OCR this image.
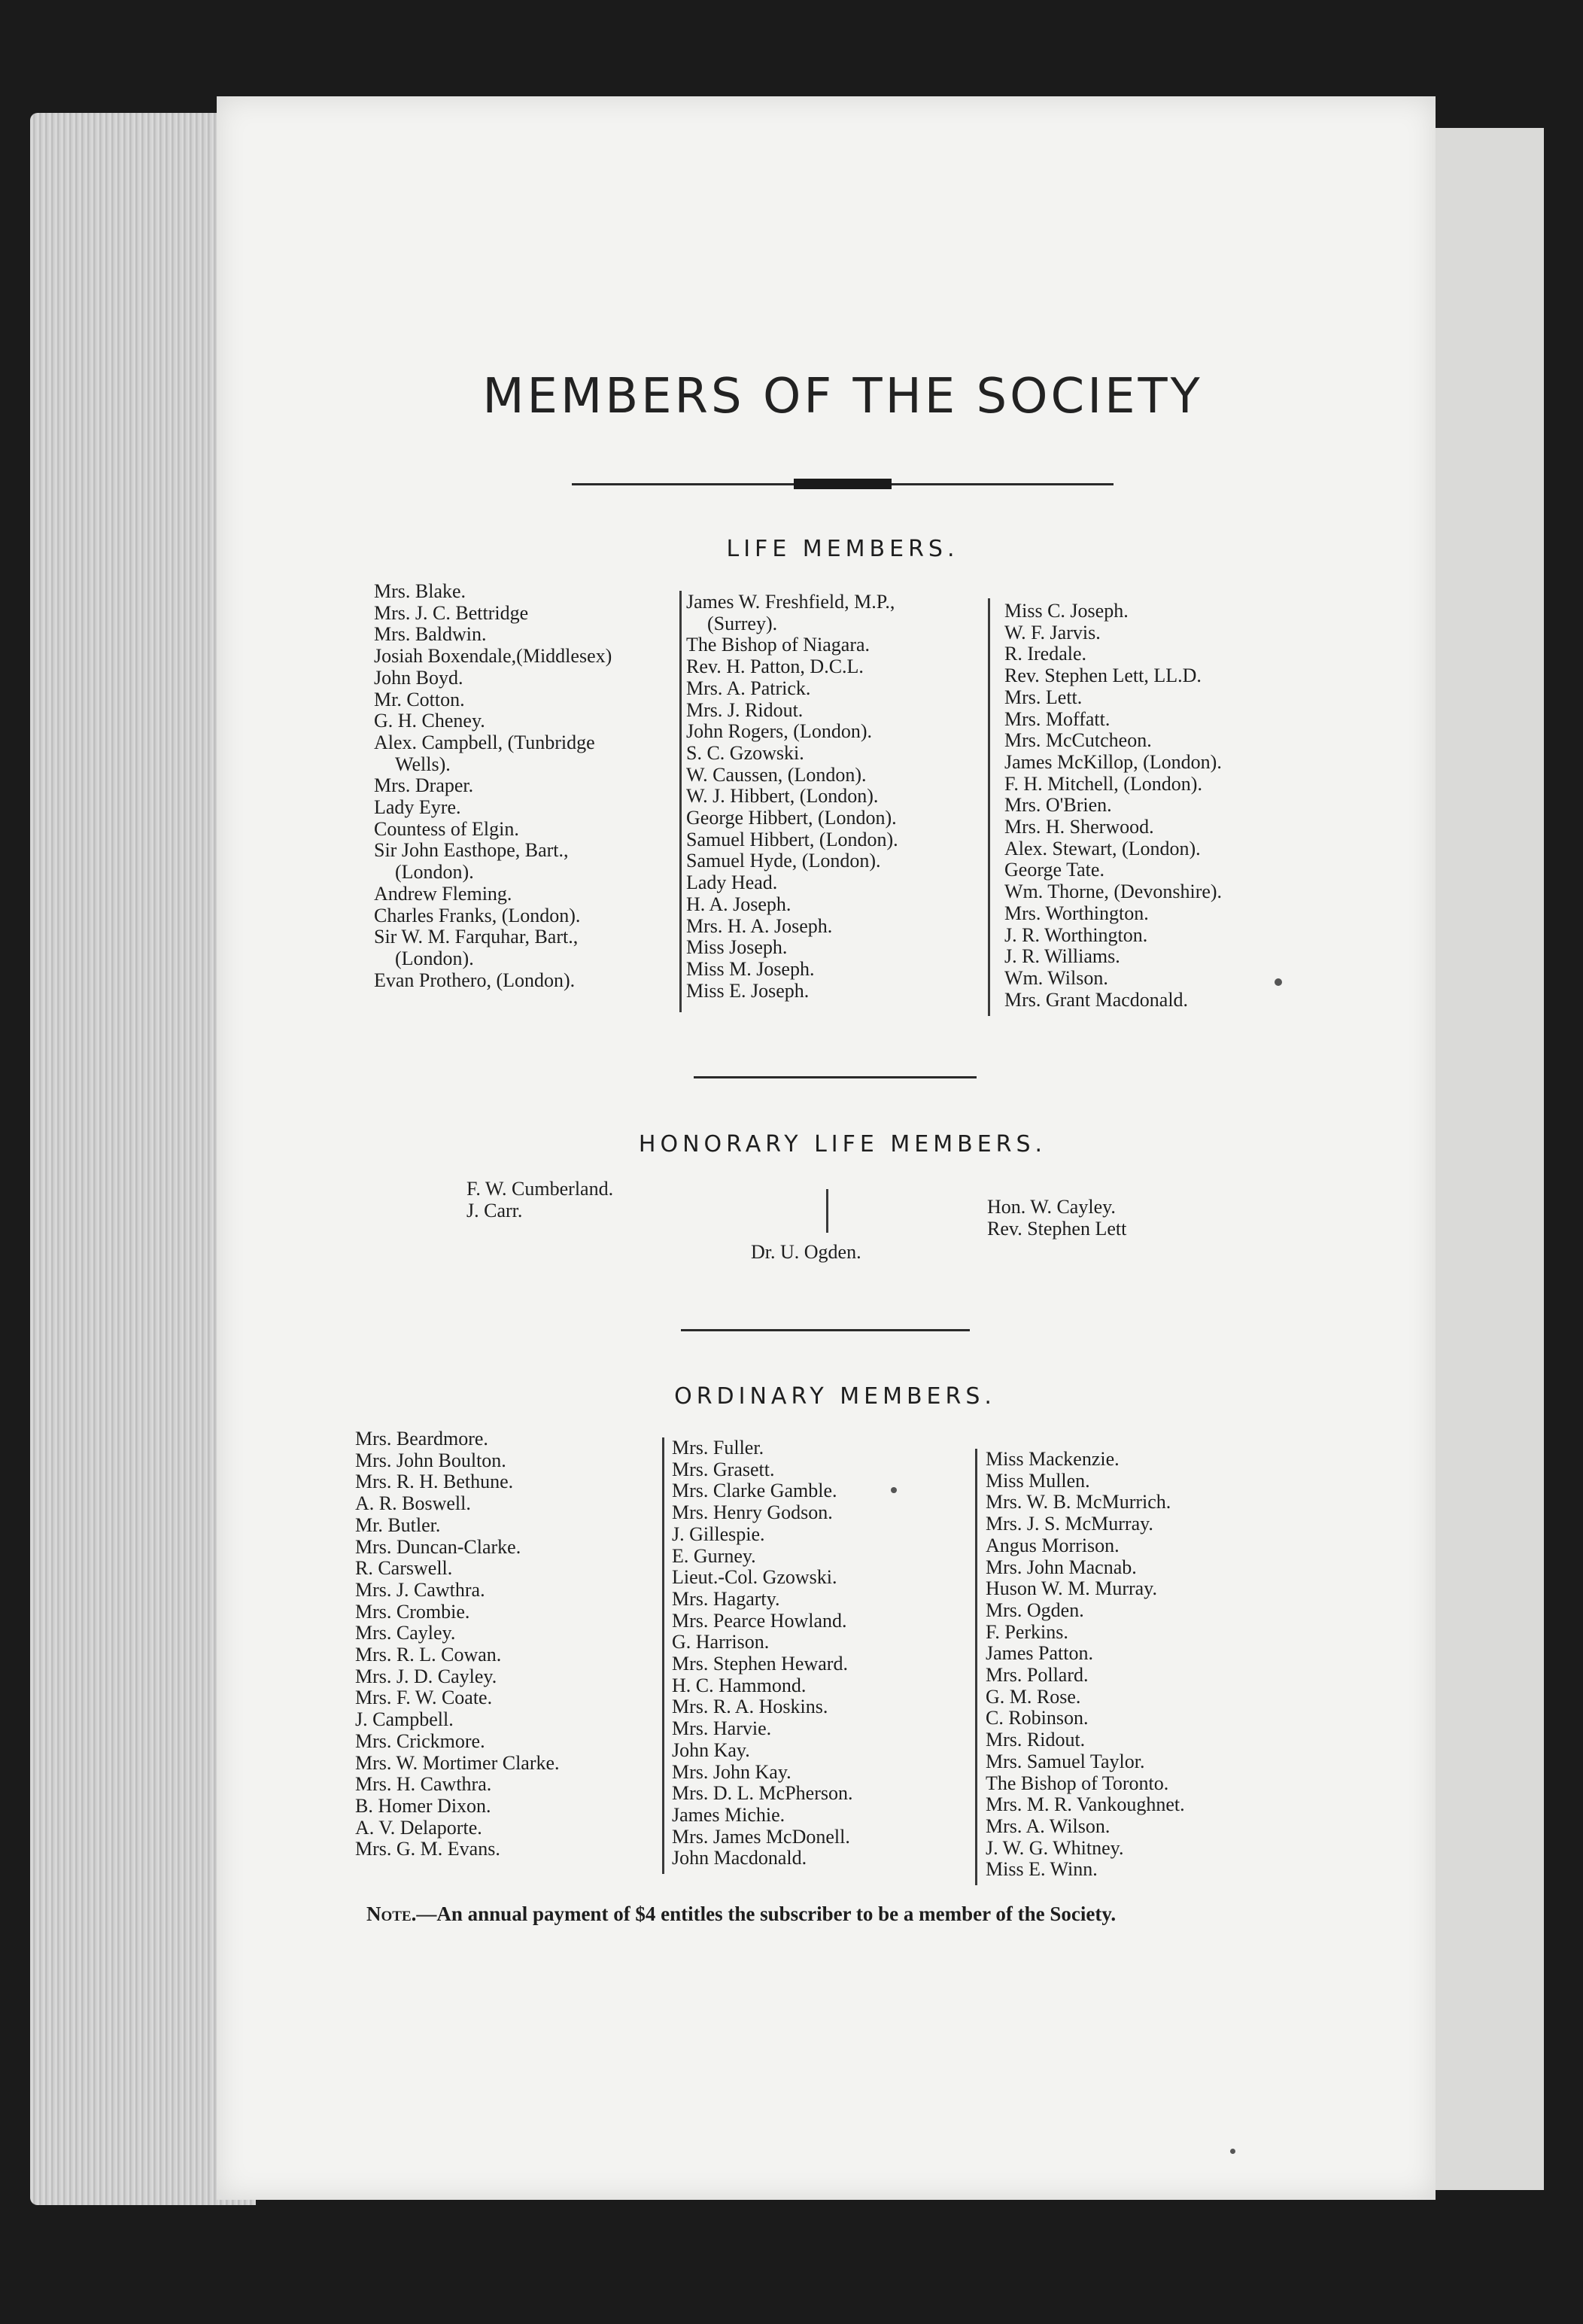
MEMBERS OF THE SOCIETY
LIFE MEMBERS.
Mrs. Blake.
Mrs. J. C. Bettridge
Mrs. Baldwin.
Josiah Boxendale,(Middlesex)
John Boyd.
Mr. Cotton.
G. H. Cheney.
Alex. Campbell, (Tunbridge
Wells).
Mrs. Draper.
Lady Eyre.
Countess of Elgin.
Sir John Easthope, Bart.,
(London).
Andrew Fleming.
Charles Franks, (London).
Sir W. M. Farquhar, Bart.,
(London).
Evan Prothero, (London).
James W. Freshfield, M.P.,
(Surrey).
The Bishop of Niagara.
Rev. H. Patton, D.C.L.
Mrs. A. Patrick.
Mrs. J. Ridout.
John Rogers, (London).
S. C. Gzowski.
W. Caussen, (London).
W. J. Hibbert, (London).
George Hibbert, (London).
Samuel Hibbert, (London).
Samuel Hyde, (London).
Lady Head.
H. A. Joseph.
Mrs. H. A. Joseph.
Miss Joseph.
Miss M. Joseph.
Miss E. Joseph.
Miss C. Joseph.
W. F. Jarvis.
R. Iredale.
Rev. Stephen Lett, LL.D.
Mrs. Lett.
Mrs. Moffatt.
Mrs. McCutcheon.
James McKillop, (London).
F. H. Mitchell, (London).
Mrs. O'Brien.
Mrs. H. Sherwood.
Alex. Stewart, (London).
George Tate.
Wm. Thorne, (Devonshire).
Mrs. Worthington.
J. R. Worthington.
J. R. Williams.
Wm. Wilson.
Mrs. Grant Macdonald.
HONORARY LIFE MEMBERS.
F. W. Cumberland.
J. Carr.	Hon. W. Cayley.
Rev. Stephen Lett
Dr. U. Ogden.
ORDINARY MEMBERS.
Mrs. Beardmore.
Mrs. John Boulton.
Mrs. R. H. Bethune.
A. R. Boswell.
Mr. Butler.
Mrs. Duncan-Clarke.
R. Carswell.
Mrs. J. Cawthra.
Mrs. Crombie.
Mrs. Cayley.
Mrs. R. L. Cowan.
Mrs. J. D. Cayley.
Mrs. F. W. Coate.
J. Campbell.
Mrs. Crickmore.
Mrs. W. Mortimer Clarke.
Mrs. H. Cawthra.
B. Homer Dixon.
A. V. Delaporte.
Mrs. G. M. Evans.
Mrs. Fuller.
Mrs. Grasett.
Mrs. Clarke Gamble.
Mrs. Henry Godson.
J. Gillespie.
E. Gurney.
Lieut.-Col. Gzowski.
Mrs. Hagarty.
Mrs. Pearce Howland.
G. Harrison.
Mrs. Stephen Heward.
H. C. Hammond.
Mrs. R. A. Hoskins.
Mrs. Harvie.
John Kay.
Mrs. John Kay.
Mrs. D. L. McPherson.
James Michie.
Mrs. James McDonell.
John Macdonald.
Miss Mackenzie.
Miss Mullen.
Mrs. W. B. McMurrich.
Mrs. J. S. McMurray.
Angus Morrison.
Mrs. John Macnab.
Huson W. M. Murray.
Mrs. Ogden.
F. Perkins.
James Patton.
Mrs. Pollard.
G. M. Rose.
C. Robinson.
Mrs. Ridout.
Mrs. Samuel Taylor.
The Bishop of Toronto.
Mrs. M. R. Vankoughnet.
Mrs. A. Wilson.
J. W. G. Whitney.
Miss E. Winn.
Note.—An annual payment of $4 entitles the subscriber to be a member of the Society.
